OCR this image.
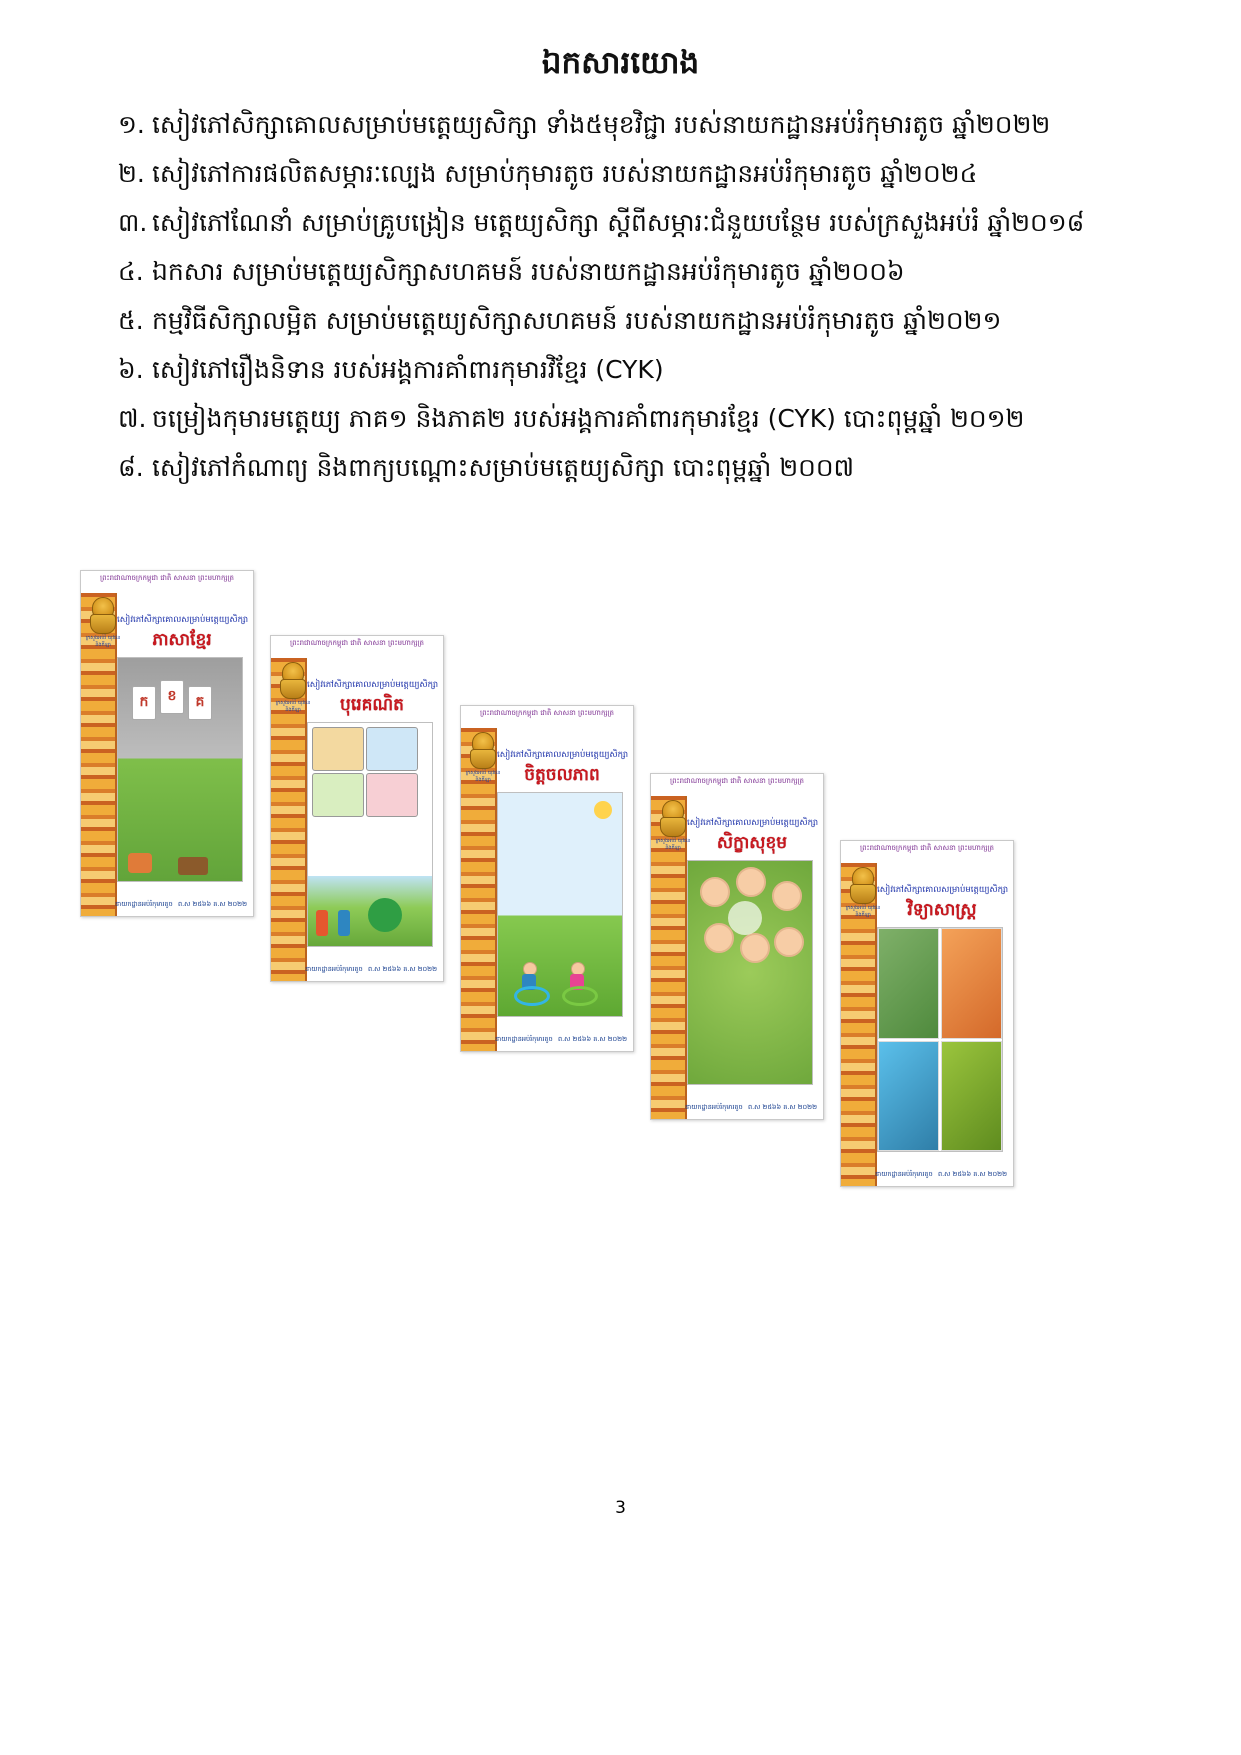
ឯកសារយោង
១. សៀវភៅសិក្សាគោលសម្រាប់មត្តេយ្យសិក្សា ទាំង៥មុខវិជ្ជា របស់នាយកដ្ឋានអប់រំកុមារតូច ឆ្នាំ២០២២
២. សៀវភៅការផលិតសម្ភារៈលេ្បង សម្រាប់កុមារតូច របស់នាយកដ្ឋានអប់រំកុមារតូច ឆ្នាំ២០២៤
៣. សៀវភៅណែនាំ សម្រាប់គ្រូបង្រៀន មត្តេយ្យសិក្សា ស្ដីពីសម្ភារៈជំនួយបន្ថែម របស់ក្រសួងអប់រំ ឆ្នាំ២០១៨
៤. ឯកសារ សម្រាប់មត្តេយ្យសិក្សាសហគមន៍ របស់នាយកដ្ឋានអប់រំកុមារតូច ឆ្នាំ២០០៦
៥. កម្មវិធីសិក្សាលម្អិត សម្រាប់មត្តេយ្យសិក្សាសហគមន៍ របស់នាយកដ្ឋានអប់រំកុមារតូច ឆ្នាំ២០២១
៦. សៀវភៅរឿងនិទាន របស់អង្គការគាំពារកុមារវិខ្មែរ (CYK)
៧. ចម្រៀងកុមារមត្តេយ្យ ភាគ១ និងភាគ២ របស់អង្គការគាំពារកុមារខ្មែរ (CYK) បោះពុម្ពឆ្នាំ ២០១២
៨. សៀវភៅកំណាព្យ និងពាក្យបណ្ដោះសម្រាប់មត្តេយ្យសិក្សា បោះពុម្ពឆ្នាំ ២០០៧
ព្រះរាជាណាចក្រកម្ពុជា ជាតិ សាសនា ព្រះមហាក្សត្រ
ក្រសួងអប់រំ យុវជន និងកីឡា
សៀវភៅសិក្សាគោលសម្រាប់មត្តេយ្យសិក្សា
ភាសាខ្មែរ
ក	ខ	គ
នាយកដ្ឋានអប់រំកុមារតូច ព.ស ២៥៦៦ គ.ស ២០២២
ព្រះរាជាណាចក្រកម្ពុជា ជាតិ សាសនា ព្រះមហាក្សត្រ
ក្រសួងអប់រំ យុវជន និងកីឡា
សៀវភៅសិក្សាគោលសម្រាប់មត្តេយ្យសិក្សា
បុរេគណិត
នាយកដ្ឋានអប់រំកុមារតូច ព.ស ២៥៦៦ គ.ស ២០២២
ព្រះរាជាណាចក្រកម្ពុជា ជាតិ សាសនា ព្រះមហាក្សត្រ
ក្រសួងអប់រំ យុវជន និងកីឡា
សៀវភៅសិក្សាគោលសម្រាប់មត្តេយ្យសិក្សា
ចិត្តចលភាព
នាយកដ្ឋានអប់រំកុមារតូច ព.ស ២៥៦៦ គ.ស ២០២២
ព្រះរាជាណាចក្រកម្ពុជា ជាតិ សាសនា ព្រះមហាក្សត្រ
ក្រសួងអប់រំ យុវជន និងកីឡា
សៀវភៅសិក្សាគោលសម្រាប់មត្តេយ្យសិក្សា
សិក្ខាសុខុម
នាយកដ្ឋានអប់រំកុមារតូច ព.ស ២៥៦៦ គ.ស ២០២២
ព្រះរាជាណាចក្រកម្ពុជា ជាតិ សាសនា ព្រះមហាក្សត្រ
ក្រសួងអប់រំ យុវជន និងកីឡា
សៀវភៅសិក្សាគោលសម្រាប់មត្តេយ្យសិក្សា
វិទ្យាសាស្ត្រ
នាយកដ្ឋានអប់រំកុមារតូច ព.ស ២៥៦៦ គ.ស ២០២២
3
